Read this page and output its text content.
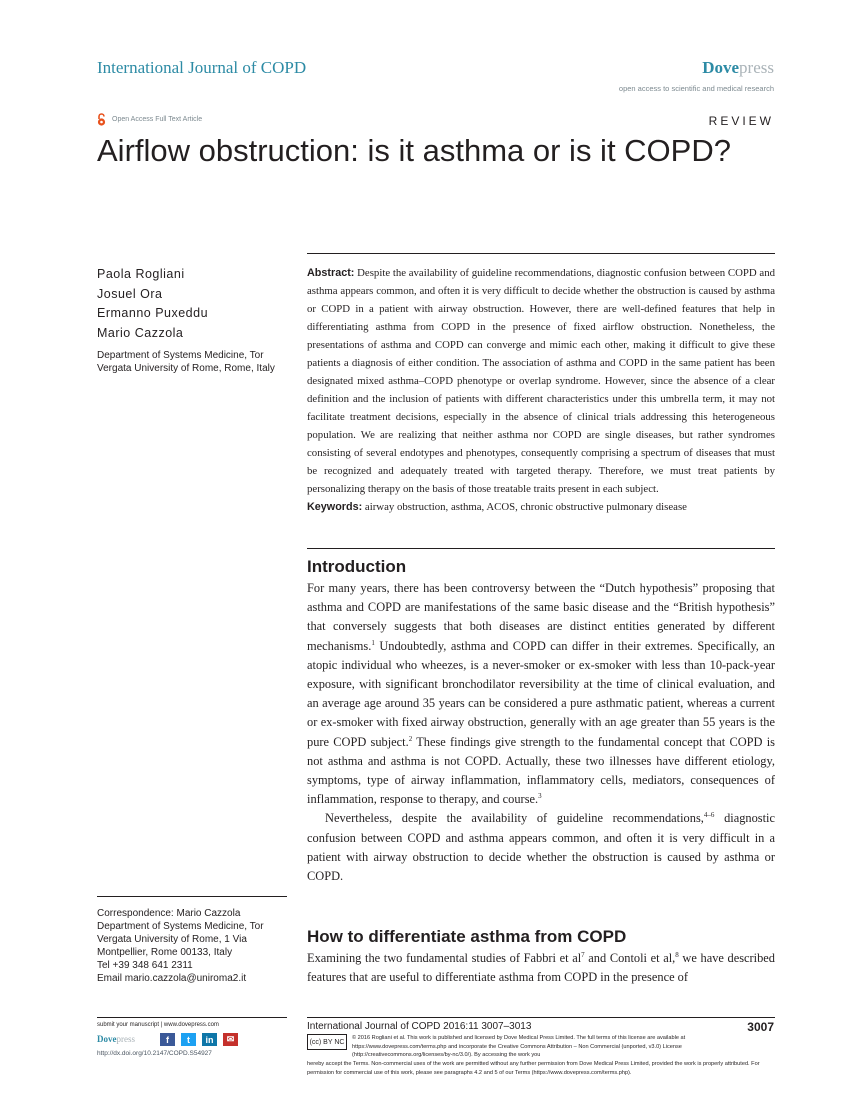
International Journal of COPD	Dovepress
open access to scientific and medical research
Open Access Full Text Article	REVIEW
Airflow obstruction: is it asthma or is it COPD?
Paola Rogliani
Josuel Ora
Ermanno Puxeddu
Mario Cazzola
Department of Systems Medicine, Tor Vergata University of Rome, Rome, Italy
Abstract: Despite the availability of guideline recommendations, diagnostic confusion between COPD and asthma appears common, and often it is very difficult to decide whether the obstruction is caused by asthma or COPD in a patient with airway obstruction. However, there are well-defined features that help in differentiating asthma from COPD in the presence of fixed airflow obstruction. Nonetheless, the presentations of asthma and COPD can converge and mimic each other, making it difficult to give these patients a diagnosis of either condition. The association of asthma and COPD in the same patient has been designated mixed asthma–COPD phenotype or overlap syndrome. However, since the absence of a clear definition and the inclusion of patients with different characteristics under this umbrella term, it may not facilitate treatment decisions, especially in the absence of clinical trials addressing this heterogeneous population. We are realizing that neither asthma nor COPD are single diseases, but rather syndromes consisting of several endotypes and phenotypes, consequently comprising a spectrum of diseases that must be recognized and adequately treated with targeted therapy. Therefore, we must treat patients by personalizing therapy on the basis of those treatable traits present in each subject.
Keywords: airway obstruction, asthma, ACOS, chronic obstructive pulmonary disease
Introduction

For many years, there has been controversy between the “Dutch hypothesis” proposing that asthma and COPD are manifestations of the same basic disease and the “British hypothesis” that conversely suggests that both diseases are distinct entities generated by different mechanisms.$^1$ Undoubtedly, asthma and COPD can differ in their extremes. Specifically, an atopic individual who wheezes, is a never-smoker or ex-smoker with less than 10-pack-year exposure, with significant bronchodilator reversibility at the time of clinical evaluation, and an average age around 35 years can be considered a pure asthmatic patient, whereas a current or ex-smoker with fixed airway obstruction, generally with an age greater than 55 years is the pure COPD subject.$^2$ These findings give strength to the fundamental concept that COPD is not asthma and asthma is not COPD. Actually, these two illnesses have different etiology, symptoms, type of airway inflammation, inflammatory cells, mediators, consequences of inflammation, response to therapy, and course.$^3$

Nevertheless, despite the availability of guideline recommendations,$^{4-6}$ diagnostic confusion between COPD and asthma appears common, and often it is very difficult in a patient with airway obstruction to decide whether the obstruction is caused by asthma or COPD.

Correspondence: Mario Cazzola
Department of Systems Medicine, Tor
Vergata University of Rome, 1 Via
Montpellier, Rome 00133, Italy
Tel +39 348 641 2311
Email mario.cazzola@uniroma2.it
How to differentiate asthma from COPD
Examining the two fundamental studies of Fabbri et $al^7$ and Contoli et al,$^8$ we have described features that are useful to differentiate asthma from COPD in the presence of
submit your manuscript | www.dovepress.com
Dovepress	f	t	in	✉
http://dx.doi.org/10.2147/COPD.S54927
International Journal of COPD 2016:11 3007–3013	3007
(cc) BY NC
© 2016 Rogliani et al. This work is published and licensed by Dove Medical Press Limited. The full terms of this license are available at https://www.dovepress.com/terms.php and incorporate the Creative Commons Attribution – Non Commercial (unported, v3.0) License (http://creativecommons.org/licenses/by-nc/3.0/). By accessing the work you
hereby accept the Terms. Non-commercial uses of the work are permitted without any further permission from Dove Medical Press Limited, provided the work is properly attributed. For permission for commercial use of this work, please see paragraphs 4.2 and 5 of our Terms (https://www.dovepress.com/terms.php).
